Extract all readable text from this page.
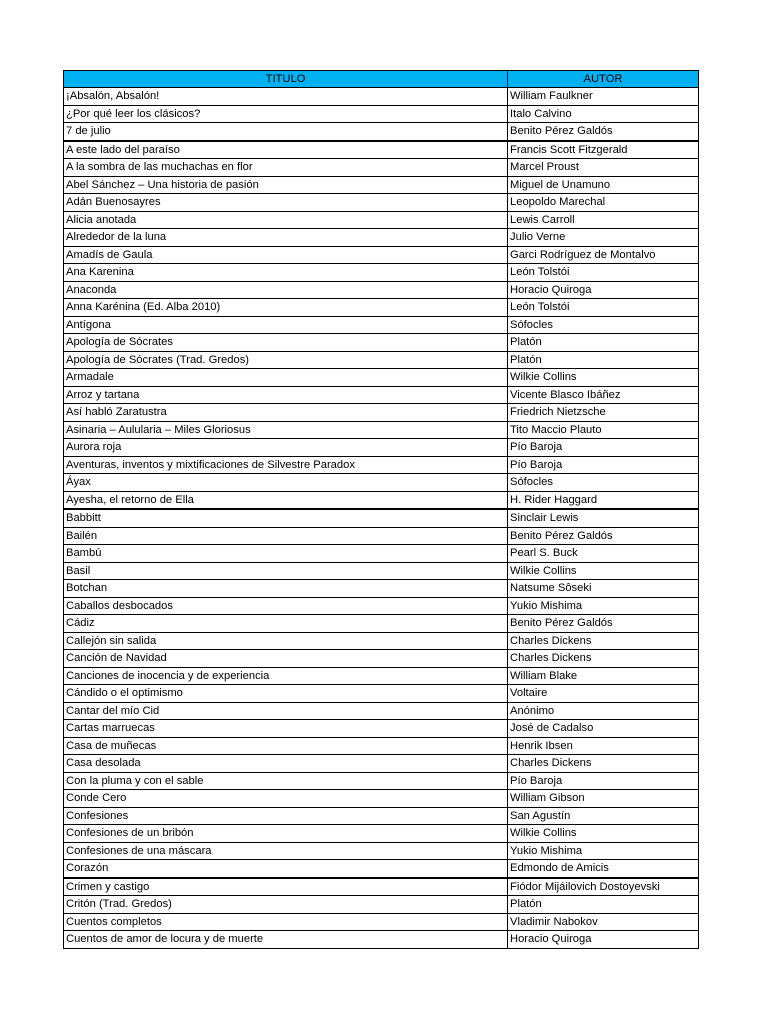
TITULO	AUTOR
¡Absalón, Absalón!	William Faulkner
¿Por qué leer los clásicos?	Italo Calvino
7 de julio	Benito Pérez Galdós
A este lado del paraíso	Francis Scott Fitzgerald
A la sombra de las muchachas en flor	Marcel Proust
Abel Sánchez – Una historia de pasión	Miguel de Unamuno
Adán Buenosayres	Leopoldo Marechal
Alicia anotada	Lewis Carroll
Alrededor de la luna	Julio Verne
Amadís de Gaula	Garci Rodríguez de Montalvo
Ana Karenina	León Tolstói
Anaconda	Horacio Quiroga
Anna Karénina (Ed. Alba 2010)	León Tolstói
Antígona	Sófocles
Apología de Sócrates	Platón
Apología de Sócrates (Trad. Gredos)	Platón
Armadale	Wilkie Collins
Arroz y tartana	Vicente Blasco Ibáñez
Así habló Zaratustra	Friedrich Nietzsche
Asinaria – Aulularia – Miles Gloriosus	Tito Maccio Plauto
Aurora roja	Pío Baroja
Aventuras, inventos y mixtificaciones de Silvestre Paradox	Pío Baroja
Áyax	Sófocles
Ayesha, el retorno de Ella	H. Rider Haggard
Babbitt	Sinclair Lewis
Bailén	Benito Pérez Galdós
Bambú	Pearl S. Buck
Basil	Wilkie Collins
Botchan	Natsume Sôseki
Caballos desbocados	Yukio Mishima
Cádiz	Benito Pérez Galdós
Callejón sin salida	Charles Dickens
Canción de Navidad	Charles Dickens
Canciones de inocencia y de experiencia	William Blake
Cándido o el optimismo	Voltaire
Cantar del mío Cid	Anónimo
Cartas marruecas	José de Cadalso
Casa de muñecas	Henrik Ibsen
Casa desolada	Charles Dickens
Con la pluma y con el sable	Pío Baroja
Conde Cero	William Gibson
Confesiones	San Agustín
Confesiones de un bribón	Wilkie Collins
Confesiones de una máscara	Yukio Mishima
Corazón	Edmondo de Amicis
Crimen y castigo	Fiódor Mijáilovich Dostoyevski
Critón (Trad. Gredos)	Platón
Cuentos completos	Vladimir Nabokov
Cuentos de amor de locura y de muerte	Horacio Quiroga
